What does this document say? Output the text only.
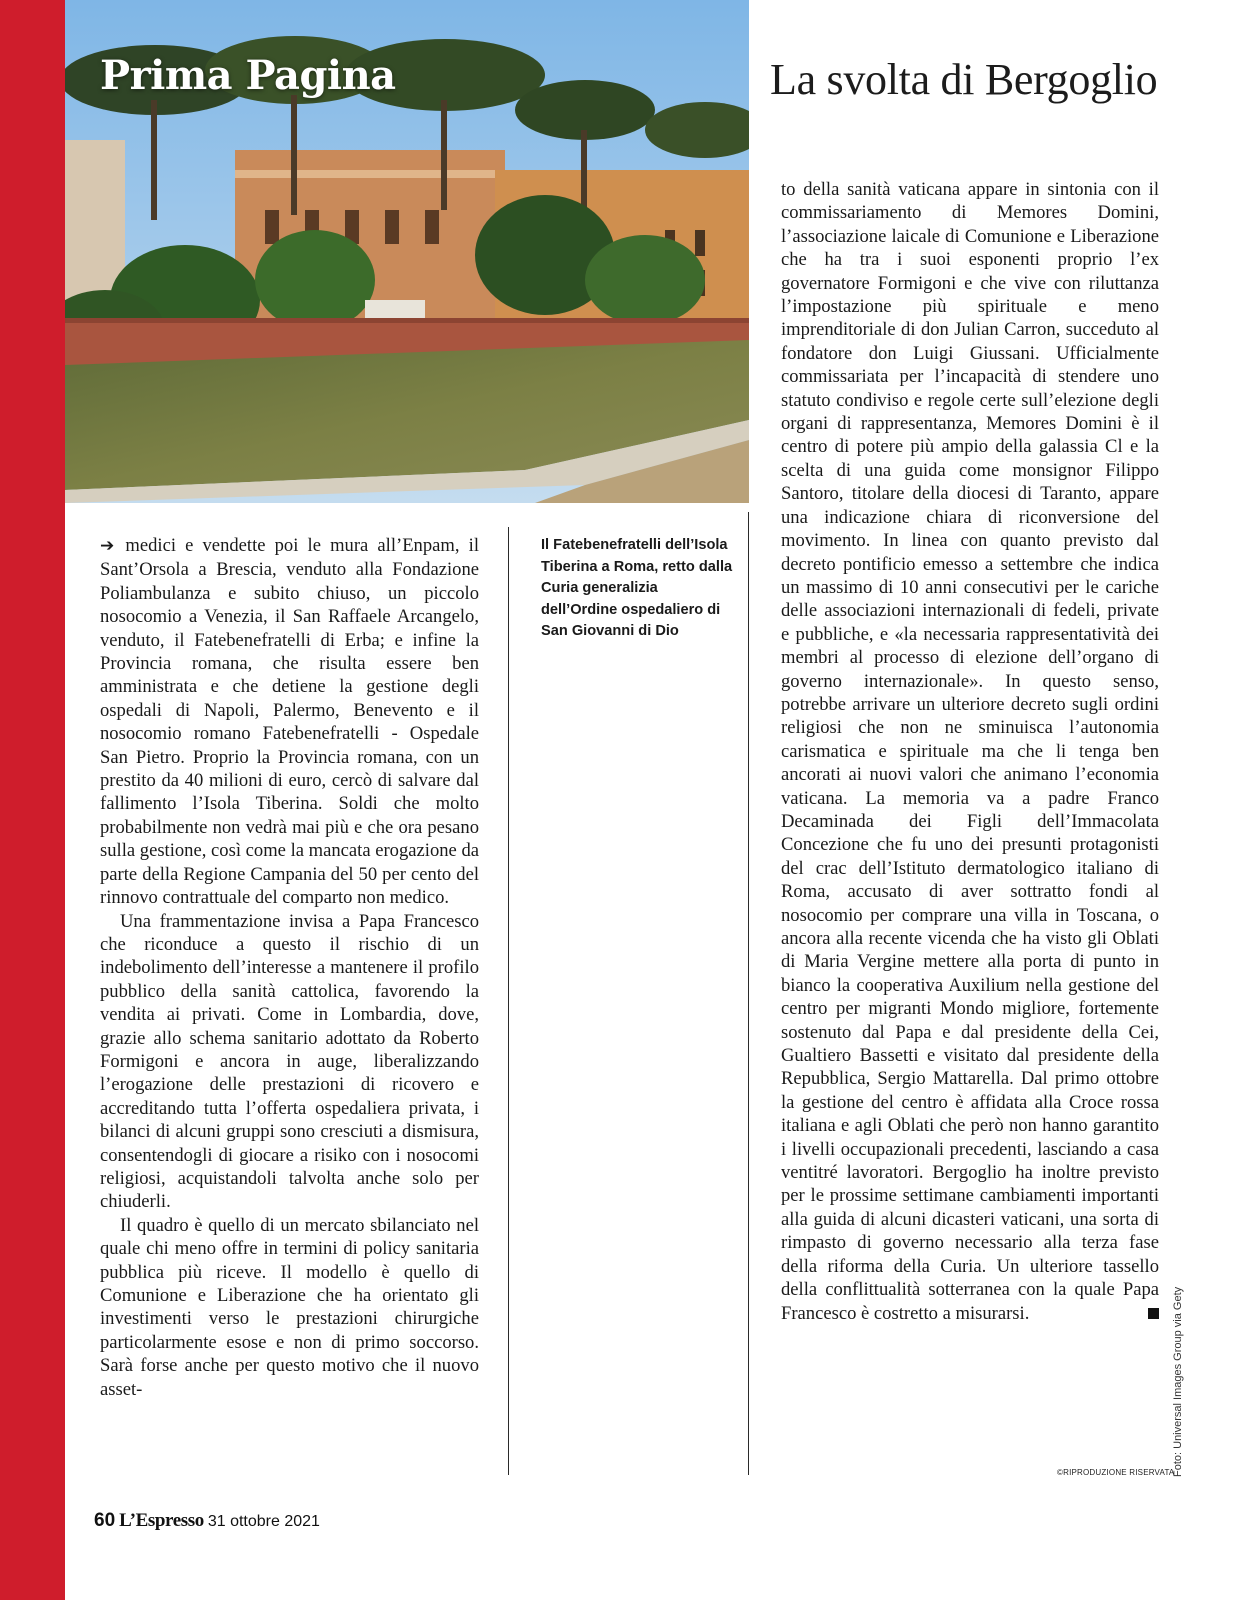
Prima Pagina	La svolta di Bergoglio

➔ medici e vendette poi le mura all’Enpam, il Sant’Orsola a Brescia, venduto alla Fondazione Poliambulanza e subito chiuso, un piccolo nosocomio a Venezia, il San Raffaele Arcangelo, venduto, il Fatebenefratelli di Erba; e infine la Provincia romana, che risulta essere ben amministrata e che detiene la gestione degli ospedali di Napoli, Palermo, Benevento e il nosocomio romano Fatebenefratelli - Ospedale San Pietro. Proprio la Provincia romana, con un prestito da 40 milioni di euro, cercò di salvare dal fallimento l’Isola Tiberina. Soldi che molto probabilmente non vedrà mai più e che ora pesano sulla gestione, così come la mancata erogazione da parte della Regione Campania del 50 per cento del rinnovo contrattuale del comparto non medico.

Una frammentazione invisa a Papa Francesco che riconduce a questo il rischio di un indebolimento dell’interesse a mantenere il profilo pubblico della sanità cattolica, favorendo la vendita ai privati. Come in Lombardia, dove, grazie allo schema sanitario adottato da Roberto Formigoni e ancora in auge, liberalizzando l’erogazione delle prestazioni di ricovero e accreditando tutta l’offerta ospedaliera privata, i bilanci di alcuni gruppi sono cresciuti a dismisura, consentendogli di giocare a risiko con i nosocomi religiosi, acquistandoli talvolta anche solo per chiuderli.

Il quadro è quello di un mercato sbilanciato nel quale chi meno offre in termini di policy sanitaria pubblica più riceve. Il modello è quello di Comunione e Liberazione che ha orientato gli investimenti verso le prestazioni chirurgiche particolarmente esose e non di primo soccorso. Sarà forse anche per questo motivo che il nuovo asset-

Il Fatebenefratelli dell’Isola Tiberina a Roma, retto dalla Curia generalizia dell’Ordine ospedaliero di San Giovanni di Dio

to della sanità vaticana appare in sintonia con il commissariamento di Memores Domini, l’associazione laicale di Comunione e Liberazione che ha tra i suoi esponenti proprio l’ex governatore Formigoni e che vive con riluttanza l’impostazione più spirituale e meno imprenditoriale di don Julian Carron, succeduto al fondatore don Luigi Giussani. Ufficialmente commissariata per l’incapacità di stendere uno statuto condiviso e regole certe sull’elezione degli organi di rappresentanza, Memores Domini è il centro di potere più ampio della galassia Cl e la scelta di una guida come monsignor Filippo Santoro, titolare della diocesi di Taranto, appare una indicazione chiara di riconversione del movimento. In linea con quanto previsto dal decreto pontificio emesso a settembre che indica un massimo di 10 anni consecutivi per le cariche delle associazioni internazionali di fedeli, private e pubbliche, e «la necessaria rappresentatività dei membri al processo di elezione dell’organo di governo internazionale». In questo senso, potrebbe arrivare un ulteriore decreto sugli ordini religiosi che non ne sminuisca l’autonomia carismatica e spirituale ma che li tenga ben ancorati ai nuovi valori che animano l’economia vaticana. La memoria va a padre Franco Decaminada dei Figli dell’Immacolata Concezione che fu uno dei presunti protagonisti del crac dell’Istituto dermatologico italiano di Roma, accusato di aver sottratto fondi al nosocomio per comprare una villa in Toscana, o ancora alla recente vicenda che ha visto gli Oblati di Maria Vergine mettere alla porta di punto in bianco la cooperativa Auxilium nella gestione del centro per migranti Mondo migliore, fortemente sostenuto dal Papa e dal presidente della Cei, Gualtiero Bassetti e visitato dal presidente della Repubblica, Sergio Mattarella. Dal primo ottobre la gestione del centro è affidata alla Croce rossa italiana e agli Oblati che però non hanno garantito i livelli occupazionali precedenti, lasciando a casa ventitré lavoratori. Bergoglio ha inoltre previsto per le prossime settimane cambiamenti importanti alla guida di alcuni dicasteri vaticani, una sorta di rimpasto di governo necessario alla terza fase della riforma della Curia. Un ulteriore tassello della conflittualità sotterranea con la quale Papa Francesco è costretto a misurarsi.

©RIPRODUZIONE RISERVATA

Foto: Universal Images Group via Gety

60 L’Espresso 31 ottobre 2021
